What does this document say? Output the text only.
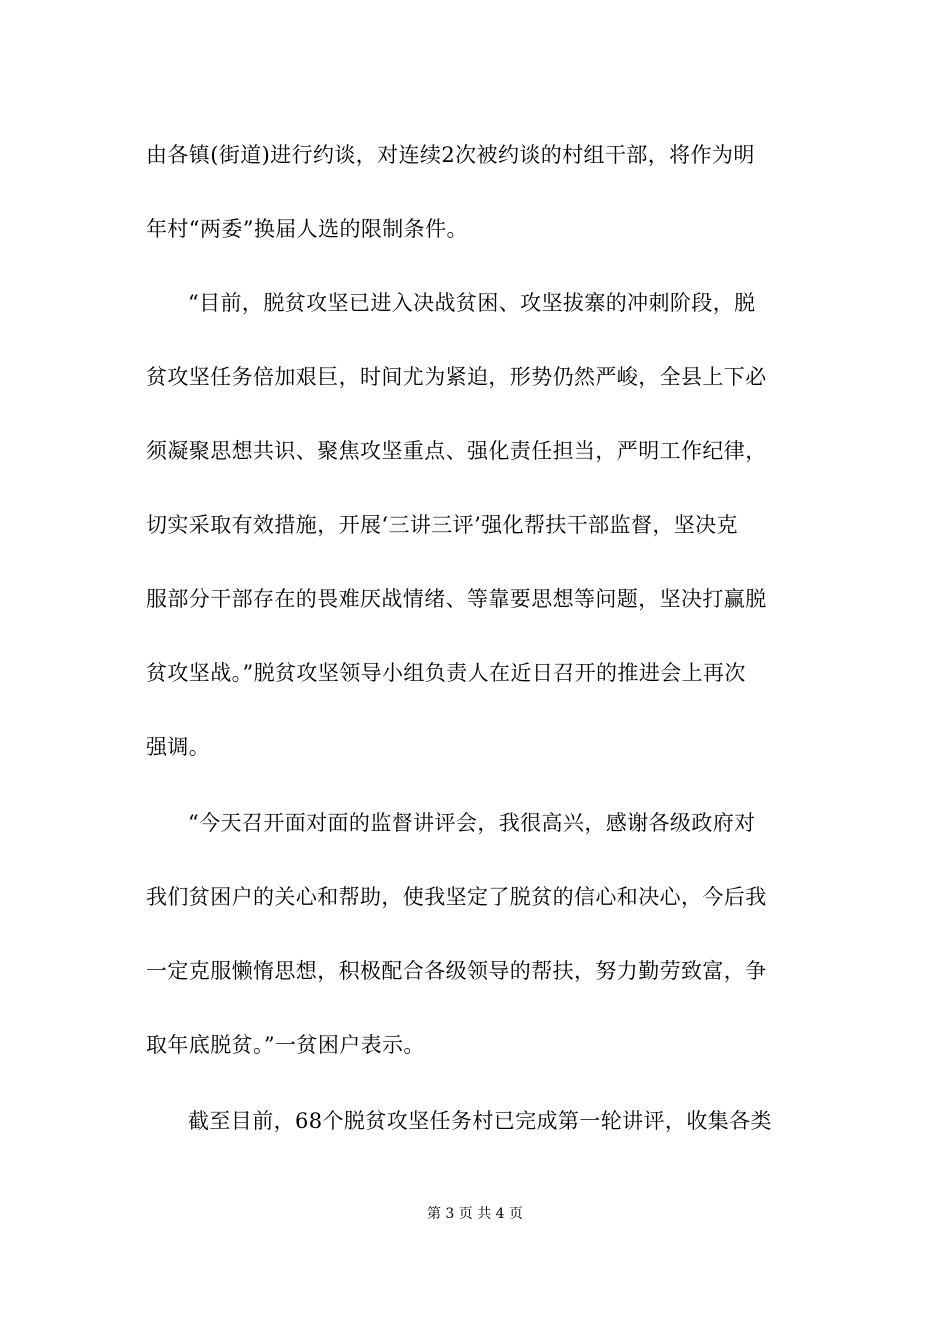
由各镇(街道)进行约谈，对连续2次被约谈的村组干部，将作为明
年村“两委”换届人选的限制条件。
“目前，脱贫攻坚已进入决战贫困、攻坚拔寨的冲刺阶段，脱
贫攻坚任务倍加艰巨，时间尤为紧迫，形势仍然严峻，全县上下必
须凝聚思想共识、聚焦攻坚重点、强化责任担当，严明工作纪律，
切实采取有效措施，开展‘三讲三评’强化帮扶干部监督，坚决克
服部分干部存在的畏难厌战情绪、等靠要思想等问题，坚决打赢脱
贫攻坚战。”脱贫攻坚领导小组负责人在近日召开的推进会上再次
强调。
“今天召开面对面的监督讲评会，我很高兴，感谢各级政府对
我们贫困户的关心和帮助，使我坚定了脱贫的信心和决心，今后我
一定克服懒惰思想，积极配合各级领导的帮扶，努力勤劳致富，争
取年底脱贫。”一贫困户表示。
截至目前，68个脱贫攻坚任务村已完成第一轮讲评，收集各类
第 3 页 共 4 页
